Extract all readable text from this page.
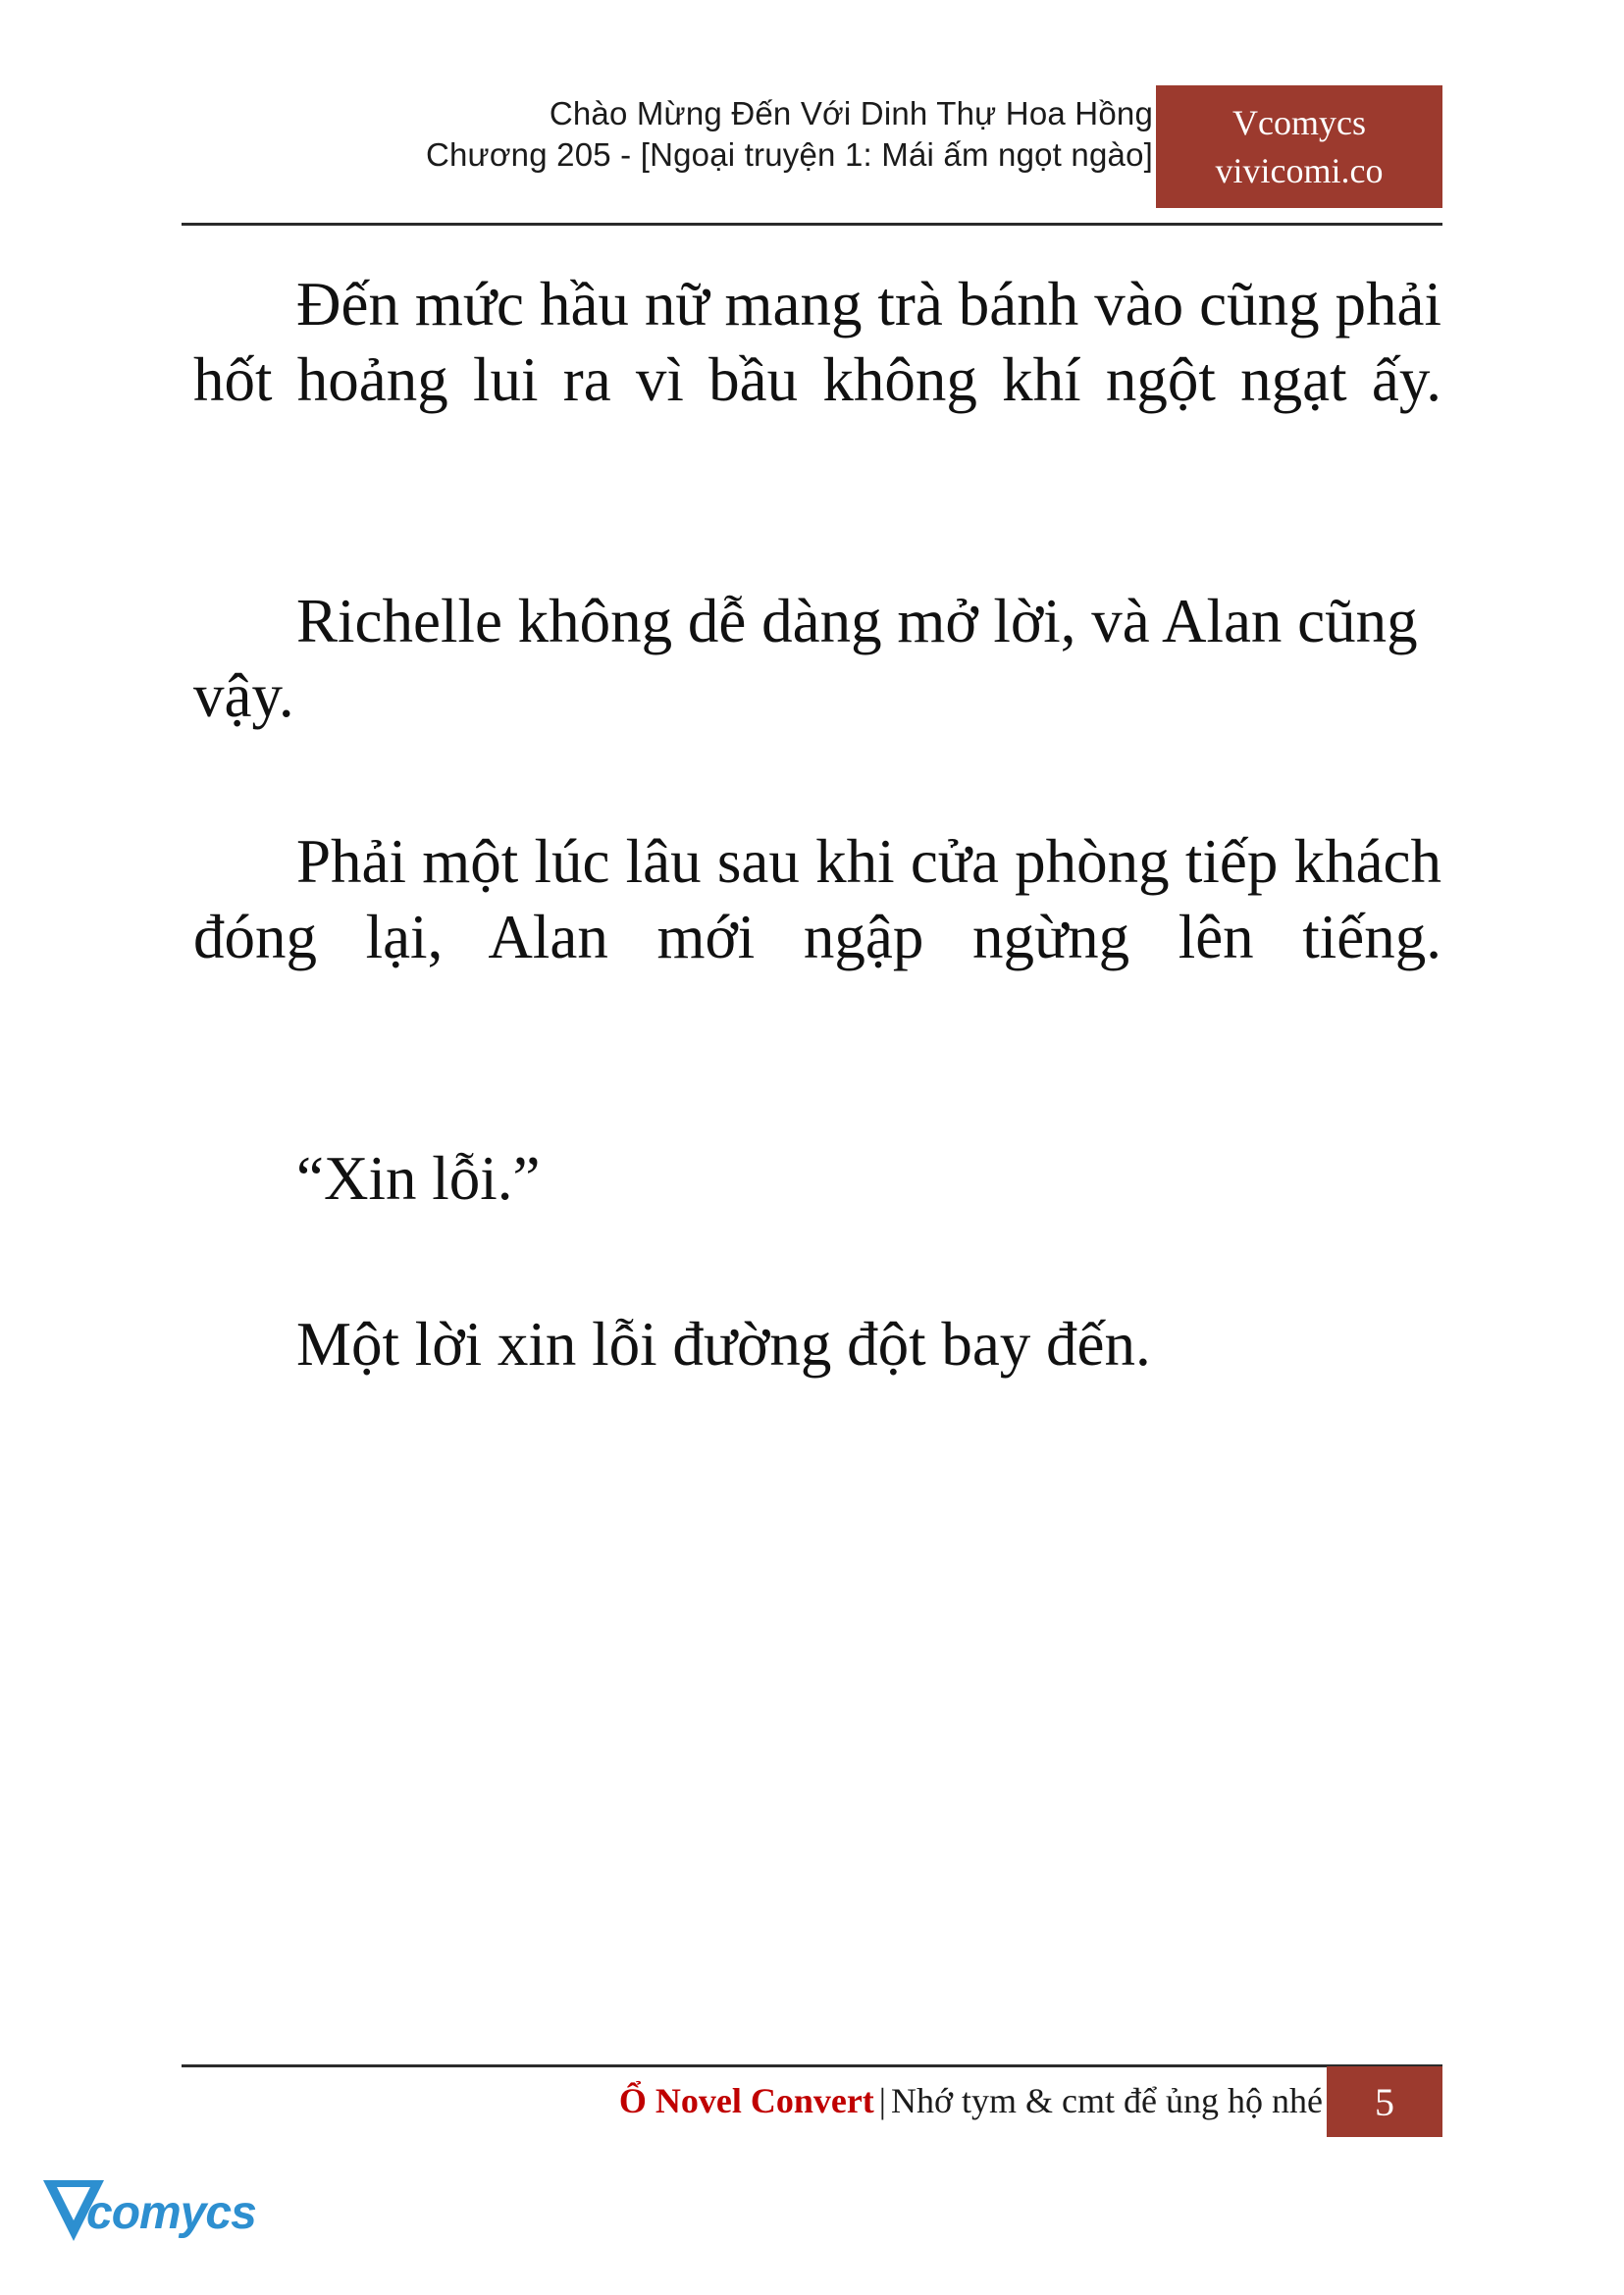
Chào Mừng Đến Với Dinh Thự Hoa Hồng
Chương 205 - [Ngoại truyện 1: Mái ấm ngọt ngào]
Vcomycs
vivicomi.co

Đến mức hầu nữ mang trà bánh vào cũng phải hốt hoảng lui ra vì bầu không khí ngột ngạt ấy.

Richelle không dễ dàng mở lời, và Alan cũng vậy.

Phải một lúc lâu sau khi cửa phòng tiếp khách đóng lại, Alan mới ngập ngừng lên tiếng.

“Xin lỗi.”

Một lời xin lỗi đường đột bay đến.

Ổ Novel Convert | Nhớ tym & cmt để ủng hộ nhé	5
comycs
